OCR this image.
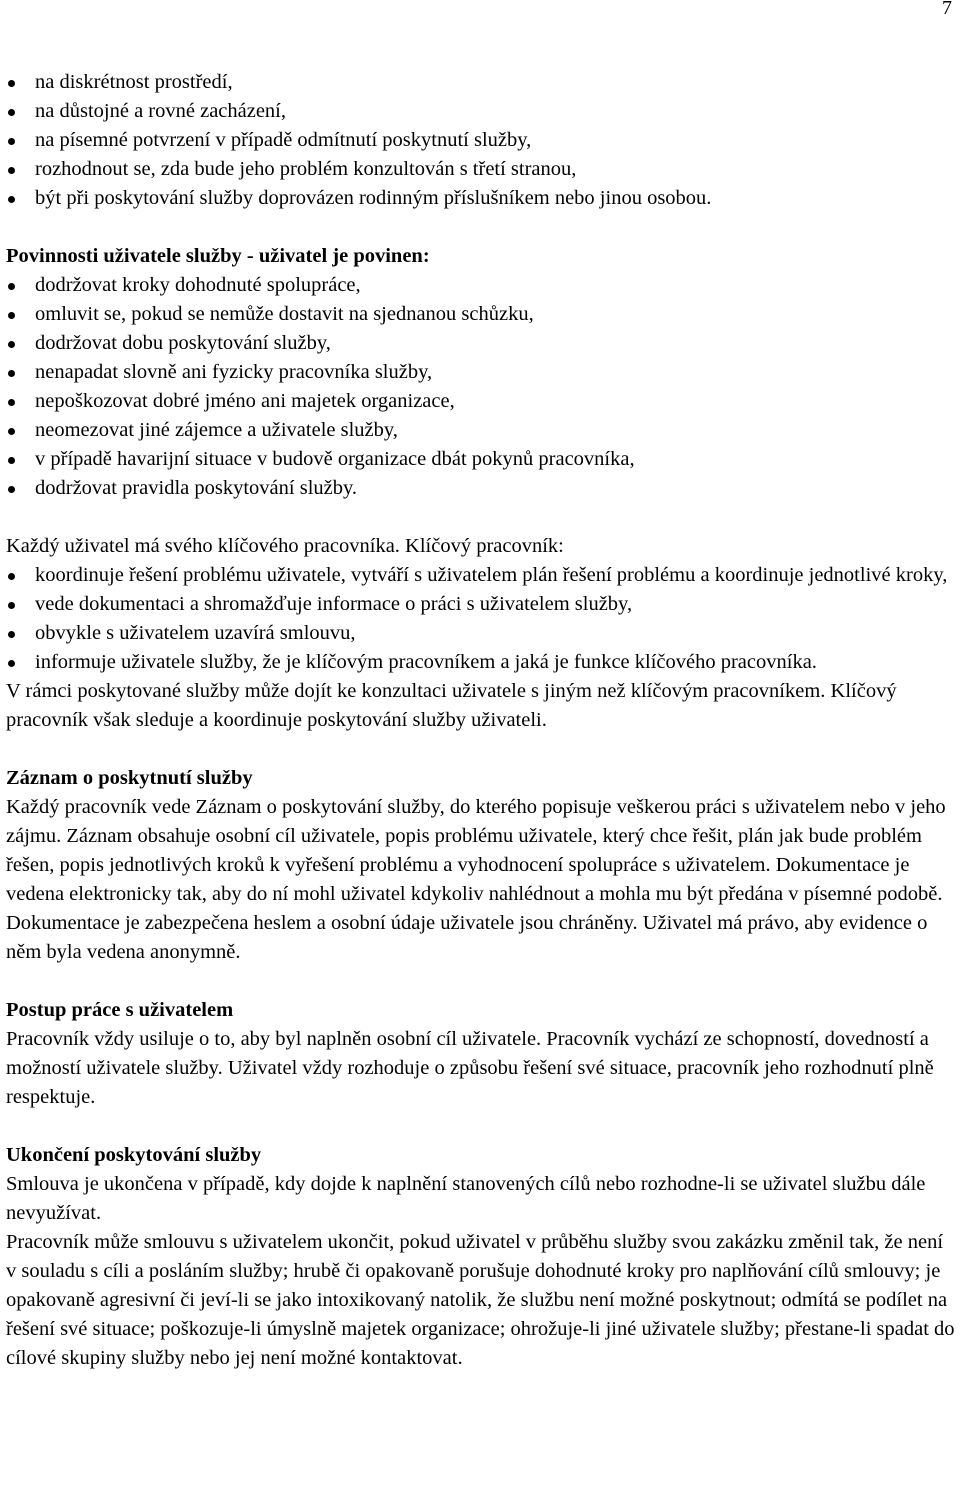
7
na diskrétnost prostředí,
na důstojné a rovné zacházení,
na písemné potvrzení v případě odmítnutí poskytnutí služby,
rozhodnout se, zda bude jeho problém konzultován s třetí stranou,
být při poskytování služby doprovázen rodinným příslušníkem nebo jinou osobou.

Povinnosti uživatele služby - uživatel je povinen:

dodržovat kroky dohodnuté spolupráce,
omluvit se, pokud se nemůže dostavit na sjednanou schůzku,
dodržovat dobu poskytování služby,
nenapadat slovně ani fyzicky pracovníka služby,
nepoškozovat dobré jméno ani majetek organizace,
neomezovat jiné zájemce a uživatele služby,
v případě havarijní situace v budově organizace dbát pokynů pracovníka,
dodržovat pravidla poskytování služby.

Každý uživatel má svého klíčového pracovníka. Klíčový pracovník:

koordinuje řešení problému uživatele, vytváří s uživatelem plán řešení problému a koordinuje jednotlivé kroky,
vede dokumentaci a shromažďuje informace o práci s uživatelem služby,
obvykle s uživatelem uzavírá smlouvu,
informuje uživatele služby, že je klíčovým pracovníkem a jaká je funkce klíčového pracovníka.

V rámci poskytované služby může dojít ke konzultaci uživatele s jiným než klíčovým pracovníkem. Klíčový pracovník však sleduje a koordinuje poskytování služby uživateli.

Záznam o poskytnutí služby

Každý pracovník vede Záznam o poskytování služby, do kterého popisuje veškerou práci s uživatelem nebo v jeho zájmu. Záznam obsahuje osobní cíl uživatele, popis problému uživatele, který chce řešit, plán jak bude problém řešen, popis jednotlivých kroků k vyřešení problému a vyhodnocení spolupráce s uživatelem. Dokumentace je vedena elektronicky tak, aby do ní mohl uživatel kdykoliv nahlédnout a mohla mu být předána v písemné podobě. Dokumentace je zabezpečena heslem a osobní údaje uživatele jsou chráněny. Uživatel má právo, aby evidence o něm byla vedena anonymně.

Postup práce s uživatelem

Pracovník vždy usiluje o to, aby byl naplněn osobní cíl uživatele. Pracovník vychází ze schopností, dovedností a možností uživatele služby. Uživatel vždy rozhoduje o způsobu řešení své situace, pracovník jeho rozhodnutí plně respektuje.

Ukončení poskytování služby

Smlouva je ukončena v případě, kdy dojde k naplnění stanovených cílů nebo rozhodne-li se uživatel službu dále nevyužívat.

Pracovník může smlouvu s uživatelem ukončit, pokud uživatel v průběhu služby svou zakázku změnil tak, že není v souladu s cíli a posláním služby; hrubě či opakovaně porušuje dohodnuté kroky pro naplňování cílů smlouvy; je opakovaně agresivní či jeví-li se jako intoxikovaný natolik, že službu není možné poskytnout; odmítá se podílet na řešení své situace; poškozuje-li úmyslně majetek organizace; ohrožuje-li jiné uživatele služby; přestane-li spadat do cílové skupiny služby nebo jej není možné kontaktovat.
